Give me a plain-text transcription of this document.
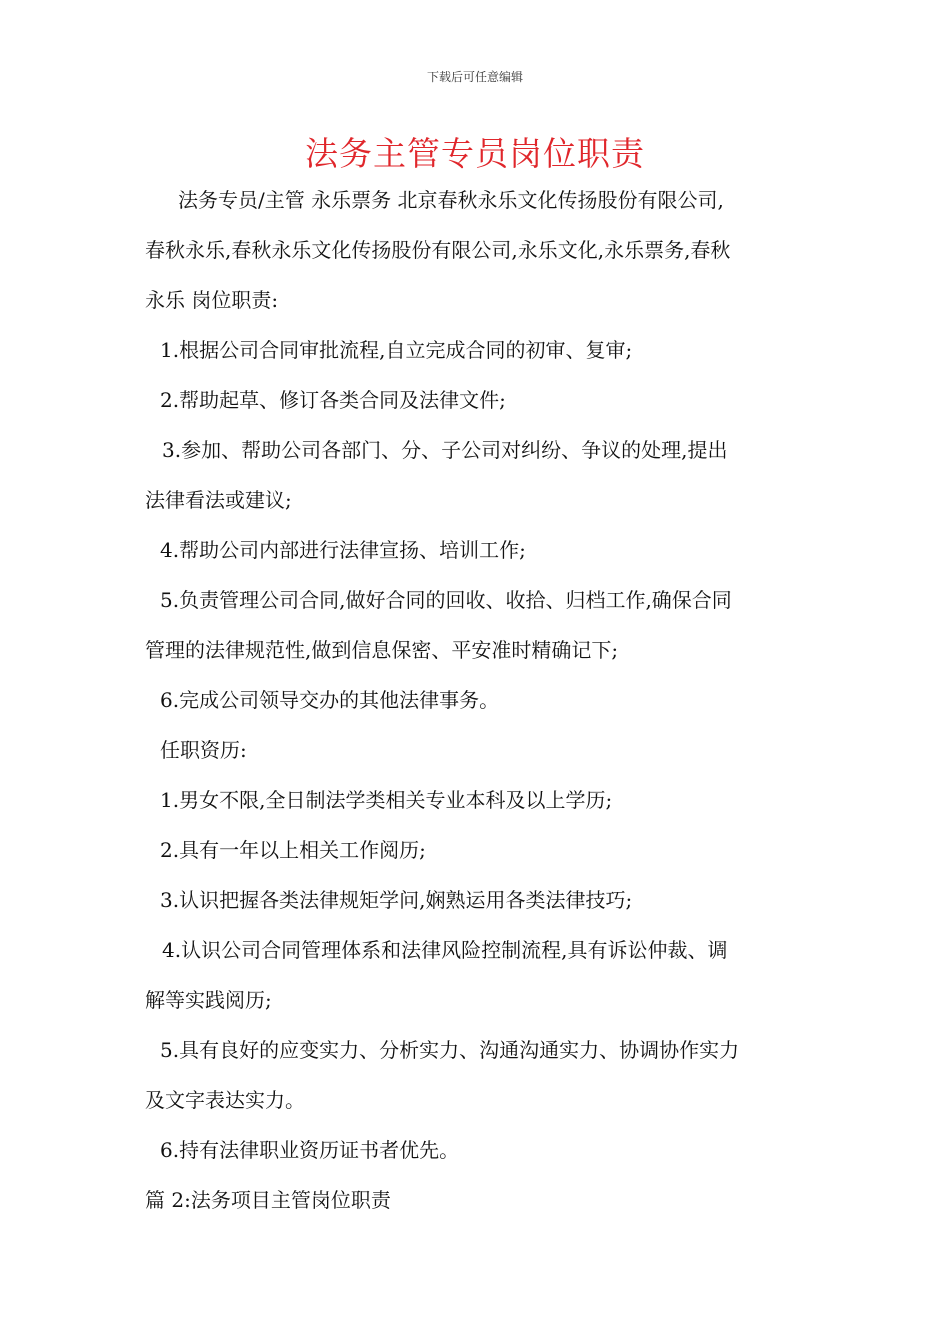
下载后可任意编辑
法务主管专员岗位职责
法务专员/主管 永乐票务 北京春秋永乐文化传扬股份有限公司,
春秋永乐,春秋永乐文化传扬股份有限公司,永乐文化,永乐票务,春秋
永乐 岗位职责:
1.根据公司合同审批流程,自立完成合同的初审、复审;
2.帮助起草、修订各类合同及法律文件;
3.参加、帮助公司各部门、分、子公司对纠纷、争议的处理,提出
法律看法或建议;
4.帮助公司内部进行法律宣扬、培训工作;
5.负责管理公司合同,做好合同的回收、收拾、归档工作,确保合同
管理的法律规范性,做到信息保密、平安准时精确记下;
6.完成公司领导交办的其他法律事务。
任职资历:
1.男女不限,全日制法学类相关专业本科及以上学历;
2.具有一年以上相关工作阅历;
3.认识把握各类法律规矩学问,娴熟运用各类法律技巧;
4.认识公司合同管理体系和法律风险控制流程,具有诉讼仲裁、调
解等实践阅历;
5.具有良好的应变实力、分析实力、沟通沟通实力、协调协作实力
及文字表达实力。
6.持有法律职业资历证书者优先。
篇 2:法务项目主管岗位职责
